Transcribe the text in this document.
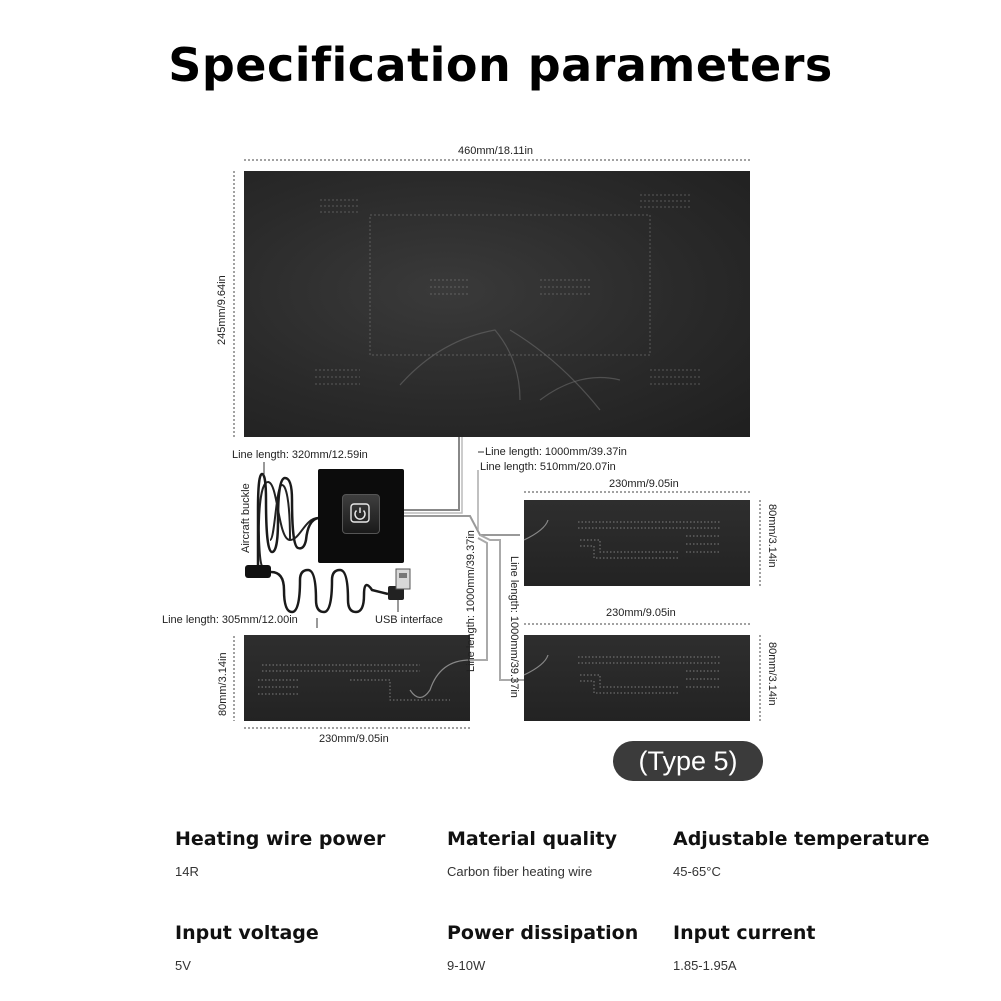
Specification parameters
460mm/18.11in
245mm/9.64in
230mm/9.05in
80mm/3.14in
230mm/9.05in
80mm/3.14in
230mm/9.05in
80mm/3.14in
Line length: 320mm/12.59in	Line length: 1000mm/39.37in
Line length: 510mm/20.07in
Aircraft buckle
Line length: 305mm/12.00in	USB interface Line length: 1000mm/39.37in	Line length: 1000mm/39.37in
(Type 5)
Heating wire power
14R
Material quality
Carbon fiber heating wire
Adjustable temperature
45-65°C
Input voltage
5V
Power dissipation
9-10W
Input current
1.85-1.95A
